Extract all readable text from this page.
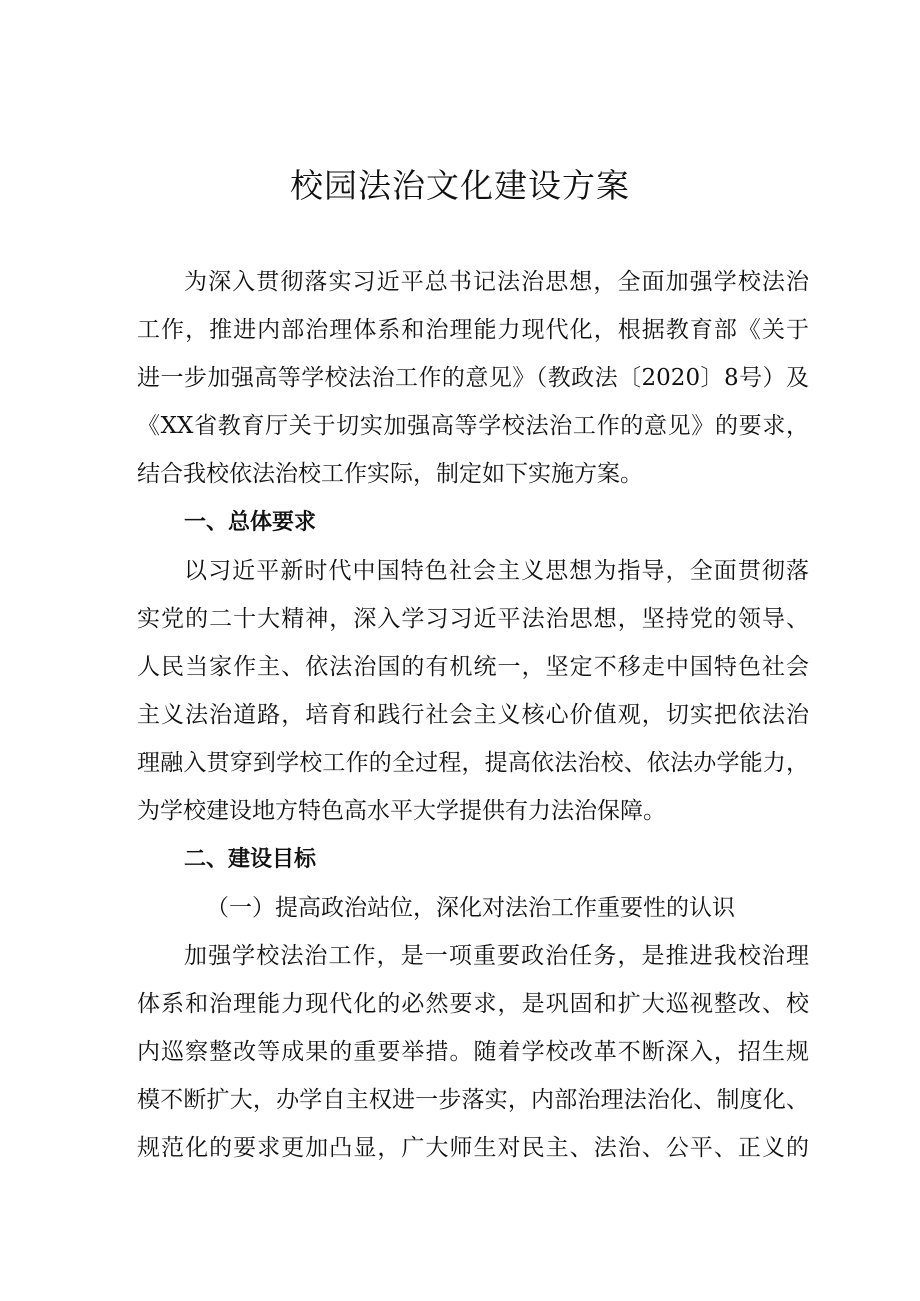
校园法治文化建设方案
为深入贯彻落实习近平总书记法治思想，全面加强学校法治
工作，推进内部治理体系和治理能力现代化，根据教育部《关于
进一步加强高等学校法治工作的意见》（教政法〔2020〕8号）及
《XX省教育厅关于切实加强高等学校法治工作的意见》的要求，
结合我校依法治校工作实际，制定如下实施方案。
一、总体要求
以习近平新时代中国特色社会主义思想为指导，全面贯彻落
实党的二十大精神，深入学习习近平法治思想，坚持党的领导、
人民当家作主、依法治国的有机统一，坚定不移走中国特色社会
主义法治道路，培育和践行社会主义核心价值观，切实把依法治
理融入贯穿到学校工作的全过程，提高依法治校、依法办学能力，
为学校建设地方特色高水平大学提供有力法治保障。
二、建设目标
（一）提高政治站位，深化对法治工作重要性的认识
加强学校法治工作，是一项重要政治任务，是推进我校治理
体系和治理能力现代化的必然要求，是巩固和扩大巡视整改、校
内巡察整改等成果的重要举措。随着学校改革不断深入，招生规
模不断扩大，办学自主权进一步落实，内部治理法治化、制度化、
规范化的要求更加凸显，广大师生对民主、法治、公平、正义的
